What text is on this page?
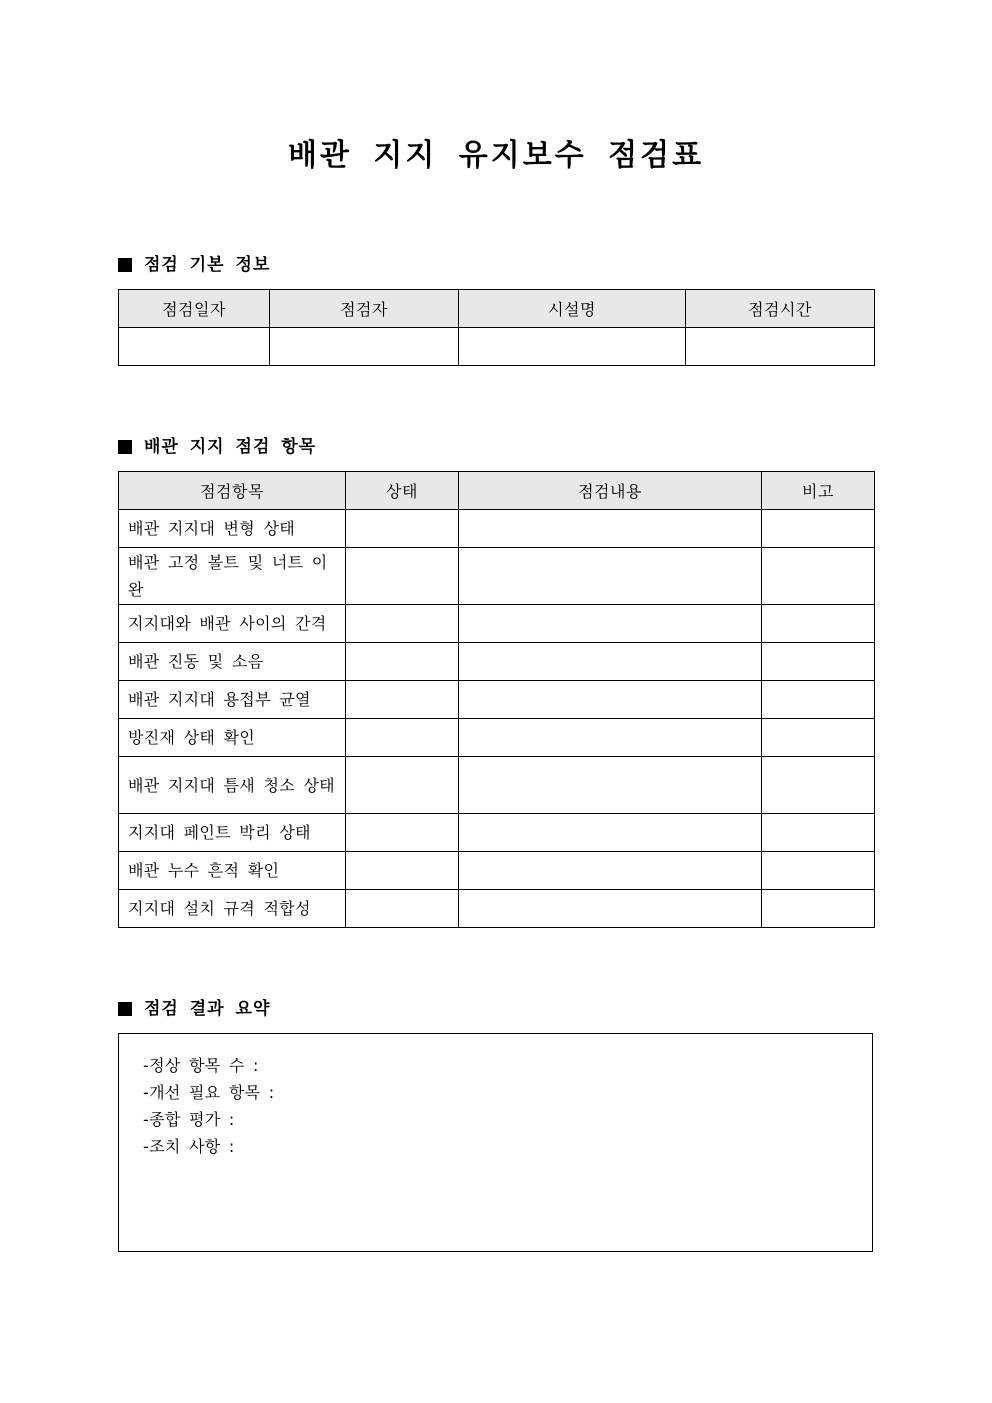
배관 지지 유지보수 점검표
점검 기본 정보
점검일자	점검자	시설명	점검시간

배관 지지 점검 항목
점검항목	상태	점검내용	비고
배관 지지대 변형 상태			
배관 고정 볼트 및 너트 이완			
지지대와 배관 사이의 간격			
배관 진동 및 소음			
배관 지지대 용접부 균열			
방진재 상태 확인			
배관 지지대 틈새 청소 상태			
지지대 페인트 박리 상태			
배관 누수 흔적 확인			
지지대 설치 규격 적합성			
점검 결과 요약
-정상 항목 수 :
-개선 필요 항목 :
-종합 평가 :
-조치 사항 :
